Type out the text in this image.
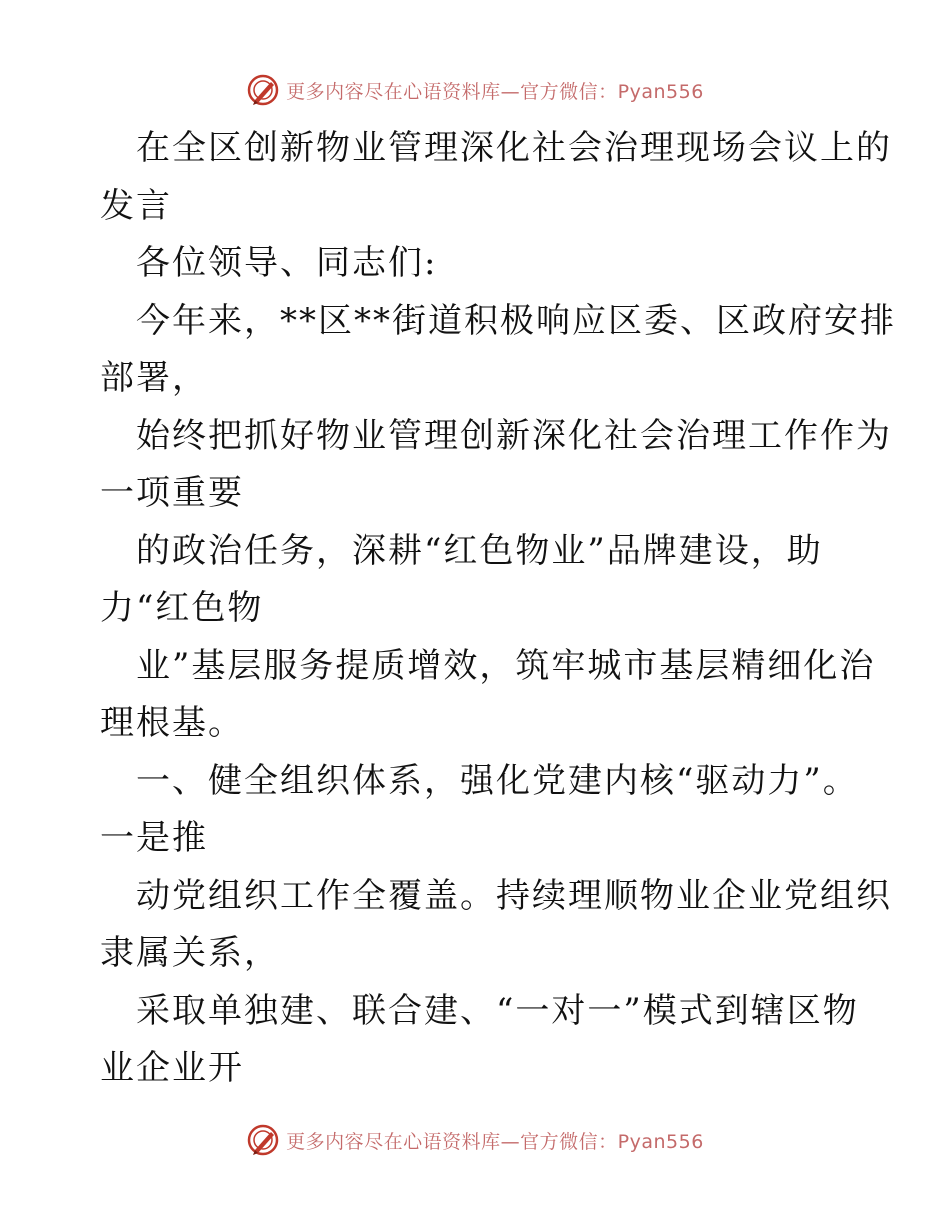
更多内容尽在心语资料库—官方微信：Pyan556
在全区创新物业管理深化社会治理现场会议上的
发言
各位领导、同志们:
今年来，**区**街道积极响应区委、区政府安排
部署，
始终把抓好物业管理创新深化社会治理工作作为
一项重要
的政治任务，深耕“红色物业”品牌建设，助
力“红色物
业”基层服务提质增效，筑牢城市基层精细化治
理根基。
一、健全组织体系，强化党建内核“驱动力”。
一是推
动党组织工作全覆盖。持续理顺物业企业党组织
隶属关系，
采取单独建、联合建、“一对一”模式到辖区物
业企业开
更多内容尽在心语资料库—官方微信：Pyan556
